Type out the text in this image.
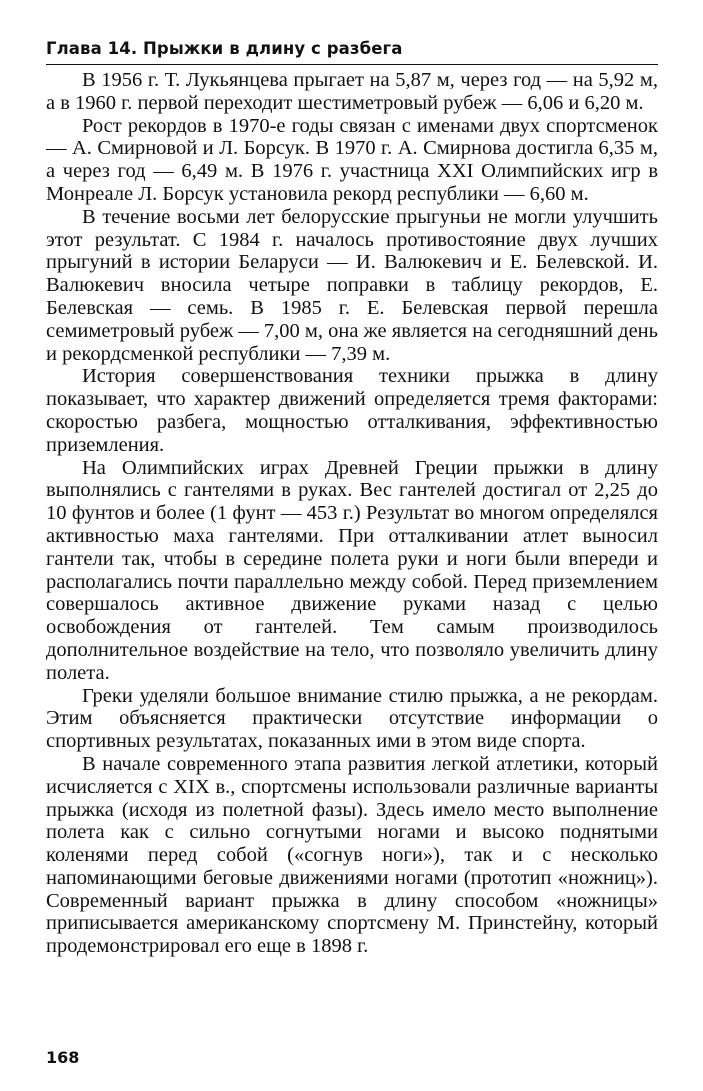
Глава 14. Прыжки в длину с разбега

В 1956 г. Т. Лукьянцева прыгает на 5,87 м, через год — на 5,92 м, а в 1960 г. первой переходит шестиметровый рубеж — 6,06 и 6,20 м.

Рост рекордов в 1970-е годы связан с именами двух спортсменок — А. Смирновой и Л. Борсук. В 1970 г. А. Смирнова достигла 6,35 м, а через год — 6,49 м. В 1976 г. участница XXI Олимпийских игр в Монреале Л. Борсук установила рекорд республики — 6,60 м.

В течение восьми лет белорусские прыгуньи не могли улучшить этот результат. С 1984 г. началось противостояние двух лучших прыгуний в истории Беларуси — И. Валюкевич и Е. Белевской. И. Валюкевич вносила четыре поправки в таблицу рекордов, Е. Белевская — семь. В 1985 г. Е. Белевская первой перешла семиметровый рубеж — 7,00 м, она же является на сегодняшний день и рекордсменкой республики — 7,39 м.

История совершенствования техники прыжка в длину показывает, что характер движений определяется тремя факторами: скоростью разбега, мощностью отталкивания, эффективностью приземления.

На Олимпийских играх Древней Греции прыжки в длину выполнялись с гантелями в руках. Вес гантелей достигал от 2,25 до 10 фунтов и более (1 фунт — 453 г.) Результат во многом определялся активностью маха гантелями. При отталкивании атлет выносил гантели так, чтобы в середине полета руки и ноги были впереди и располагались почти параллельно между собой. Перед приземлением совершалось активное движение руками назад с целью освобождения от гантелей. Тем самым производилось дополнительное воздействие на тело, что позволяло увеличить длину полета.

Греки уделяли большое внимание стилю прыжка, а не рекордам. Этим объясняется практически отсутствие информации о спортивных результатах, показанных ими в этом виде спорта.

В начале современного этапа развития легкой атлетики, который исчисляется с XIX в., спортсмены использовали различные варианты прыжка (исходя из полетной фазы). Здесь имело место выполнение полета как с сильно согнутыми ногами и высоко поднятыми коленями перед собой («согнув ноги»), так и с несколько напоминающими беговые движениями ногами (прототип «ножниц»). Современный вариант прыжка в длину способом «ножницы» приписывается американскому спортсмену М. Принстейну, который продемонстрировал его еще в 1898 г.

168
